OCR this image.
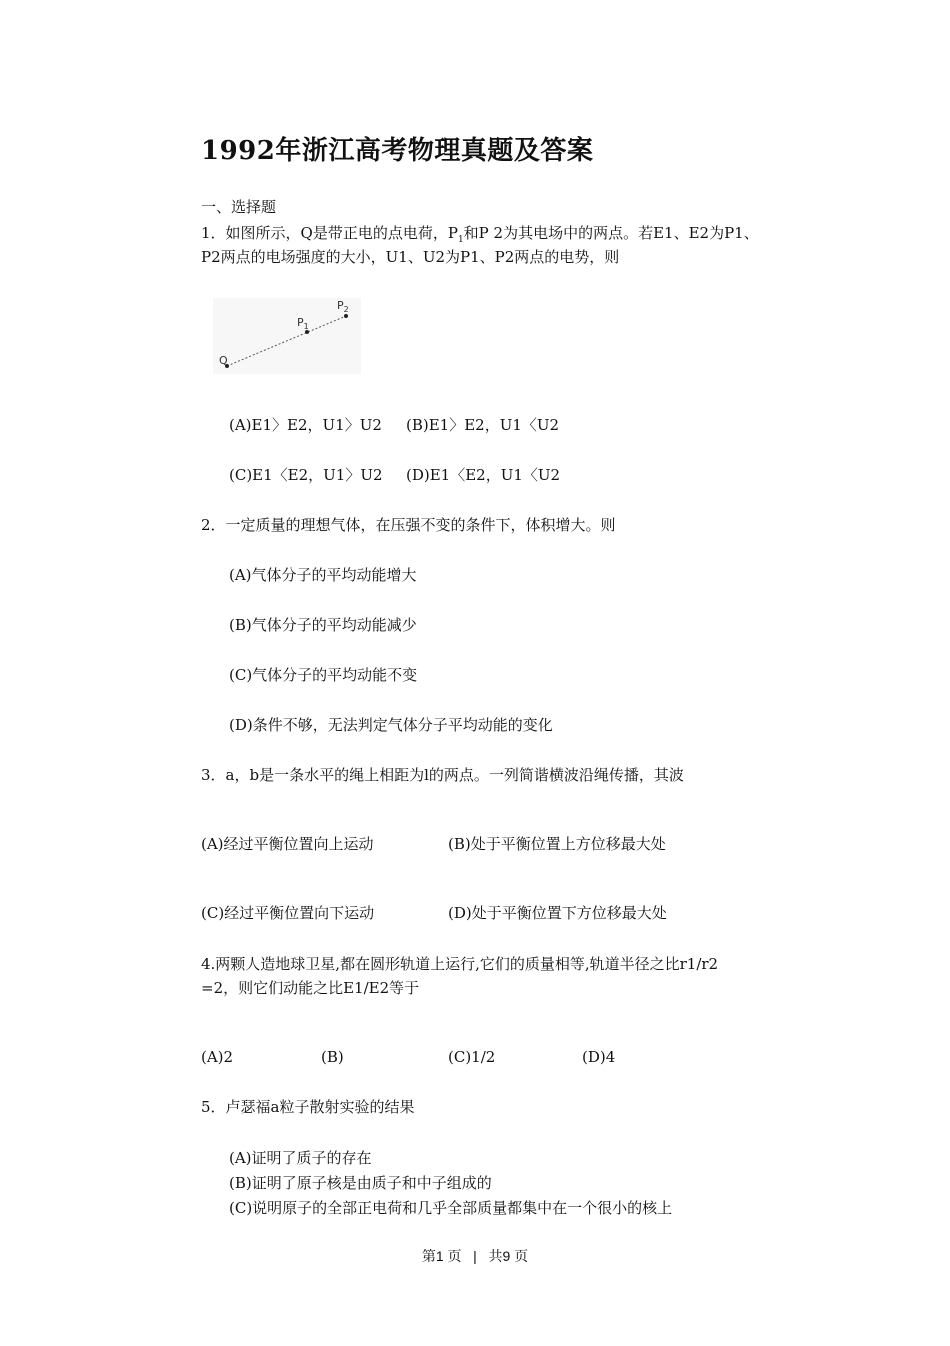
1992年浙江高考物理真题及答案
一、选择题
1．如图所示，Q是带正电的点电荷，$P_1$和P 2为其电场中的两点。若E1、E2为P1、
P2两点的电场强度的大小，U1、U2为P1、P2两点的电势，则
Q
$P_1$
$P_2$
(A)E1〉E2，U1〉U2 (B)E1〉E2，U1〈U2
(C)E1〈E2，U1〉U2 (D)E1〈E2，U1〈U2
2．一定质量的理想气体，在压强不变的条件下，体积增大。则
(A)气体分子的平均动能增大
(B)气体分子的平均动能减少
(C)气体分子的平均动能不变
(D)条件不够，无法判定气体分子平均动能的变化
3．a，b是一条水平的绳上相距为l的两点。一列简谐横波沿绳传播，其波
(A)经过平衡位置向上运动	(B)处于平衡位置上方位移最大处
(C)经过平衡位置向下运动	(D)处于平衡位置下方位移最大处
4.两颗人造地球卫星,都在圆形轨道上运行,它们的质量相等,轨道半径之比r1/r2
=2，则它们动能之比E1/E2等于
(A)2	(B)	(C)1/2	(D)4
5．卢瑟福a粒子散射实验的结果
(A)证明了质子的存在
(B)证明了原子核是由质子和中子组成的
(C)说明原子的全部正电荷和几乎全部质量都集中在一个很小的核上
第1 页 | 共9 页
